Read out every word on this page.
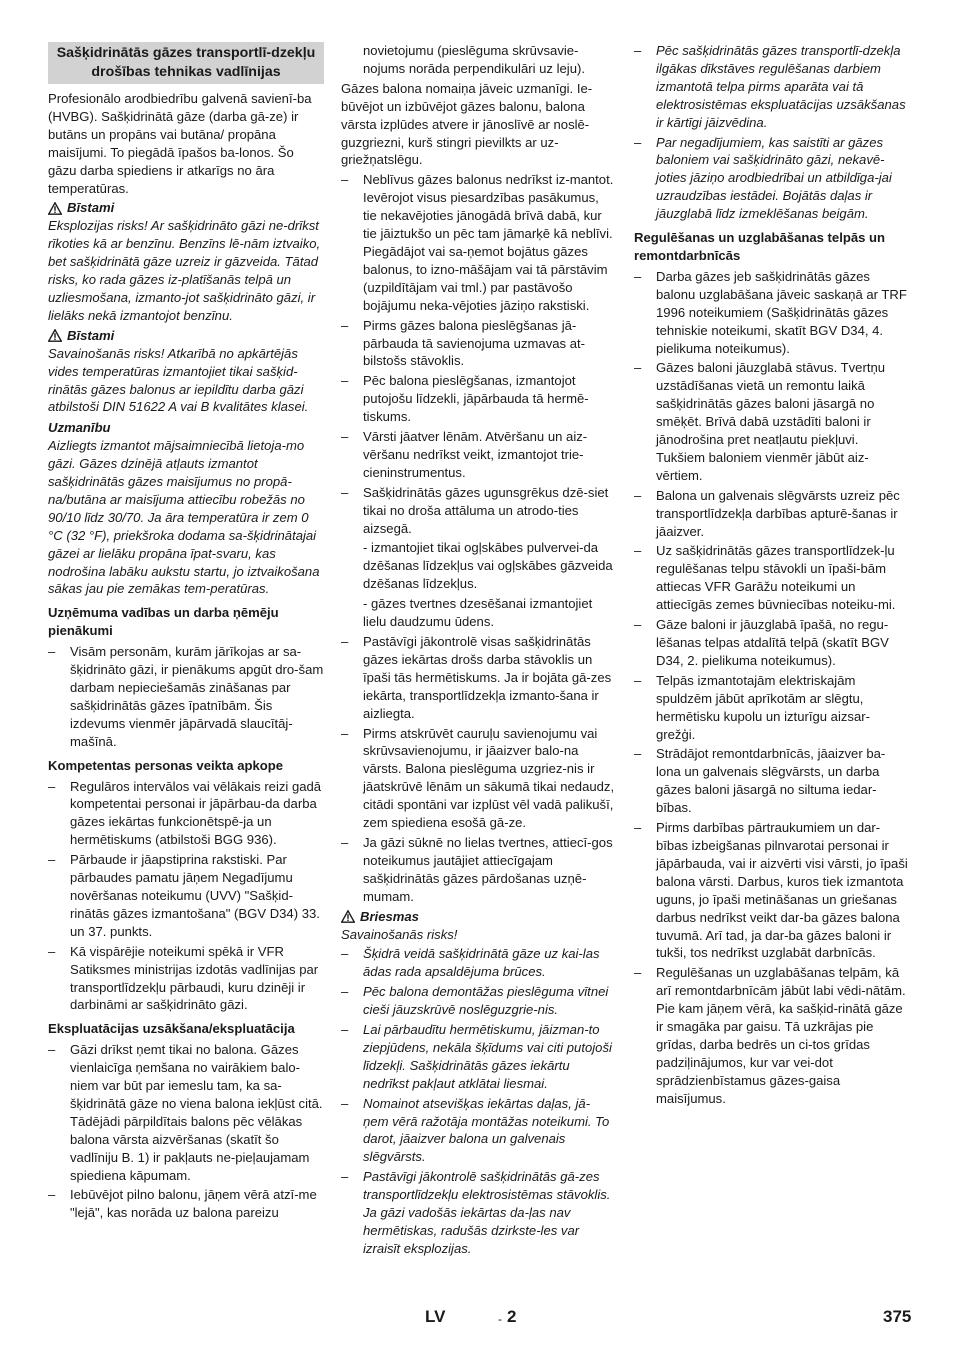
Sašķidrinātās gāzes transportlī-dzekļu drošības tehnikas vadlīnijas

Profesionālo arodbiedrību galvenā savienī-ba (HVBG). Sašķidrinātā gāze (darba gā-ze) ir butāns un propāns vai butāna/ propāna maisījumi. To piegādā īpašos ba-lonos. Šo gāzu darba spiediens ir atkarīgs no āra temperatūras.

Bīstami

Eksplozijas risks! Ar sašķidrināto gāzi ne-drīkst rīkoties kā ar benzīnu. Benzīns lē-nām iztvaiko, bet sašķidrinātā gāze uzreiz ir gāzveida. Tātad risks, ko rada gāzes iz-platīšanās telpā un uzliesmošana, izmanto-jot sašķidrināto gāzi, ir lielāks nekā izmantojot benzīnu.

Bīstami

Savainošanās risks! Atkarībā no apkārtējās vides temperatūras izmantojiet tikai sašķid-rinātās gāzes balonus ar iepildītu darba gāzi atbilstoši DIN 51622 A vai B kvalitātes klasei.

Uzmanību

Aizliegts izmantot mājsaimniecībā lietoja-mo gāzi. Gāzes dzinējā atļauts izmantot sašķidrinātās gāzes maisījumus no propā-na/butāna ar maisījuma attiecību robežās no 90/10 līdz 30/70. Ja āra temperatūra ir zem 0 °C (32 °F), priekšroka dodama sa-šķidrinātajai gāzei ar lielāku propāna īpat-svaru, kas nodrošina labāku aukstu startu, jo iztvaikošana sākas jau pie zemākas tem-peratūras.

Uzņēmuma vadības un darba ņēmēju pienākumi
– Visām personām, kurām jārīkojas ar sa-šķidrināto gāzi, ir pienākums apgūt dro-šam darbam nepieciešamās zināšanas par sašķidrinātās gāzes īpatnībām. Šis izdevums vienmēr jāpārvadā slaucītāj-mašīnā.
Kompetentas personas veikta apkope
– Regulāros intervālos vai vēlākais reizi gadā kompetentai personai ir jāpārbau-da darba gāzes iekārtas funkcionētspē-ja un hermētiskums (atbilstoši BGG 936).
– Pārbaude ir jāapstiprina rakstiski. Par pārbaudes pamatu jāņem Negadījumu novēršanas noteikumu (UVV) "Sašķid-rinātās gāzes izmantošana" (BGV D34) 33. un 37. punkts.
– Kā vispārējie noteikumi spēkā ir VFR Satiksmes ministrijas izdotās vadlīnijas par transportlīdzekļu pārbaudi, kuru dzinēji ir darbināmi ar sašķidrināto gāzi.
Ekspluatācijas uzsākšana/ekspluatācija
– Gāzi drīkst ņemt tikai no balona. Gāzes vienlaicīga ņemšana no vairākiem balo-niem var būt par iemeslu tam, ka sa-šķidrinātā gāze no viena balona iekļūst citā. Tādējādi pārpildītais balons pēc vēlākas balona vārsta aizvēršanas (skatīt šo vadlīniju B. 1) ir pakļauts ne-pieļaujamam spiediena kāpumam.
– Iebūvējot pilno balonu, jāņem vērā atzī-me "lejā", kas norāda uz balona pareizu

novietojumu (pieslēguma skrūvsavie-nojums norāda perpendikulāri uz leju).

Gāzes balona nomaiņa jāveic uzmanīgi. Ie-būvējot un izbūvējot gāzes balonu, balona vārsta izplūdes atvere ir jānoslīvē ar noslē-guzgriezni, kurš stingri pievilkts ar uz-griežņatslēgu.

– Neblīvus gāzes balonus nedrīkst iz-mantot. Ievērojot visus piesardzības pasākumus, tie nekavējoties jānogādā brīvā dabā, kur tie jāiztukšo un pēc tam jāmarķē kā neblīvi. Piegādājot vai sa-ņemot bojātus gāzes balonus, to izno-māšājam vai tā pārstāvim (uzpildītājam vai tml.) par pastāvošo bojājumu neka-vējoties jāziņo rakstiski.
– Pirms gāzes balona pieslēgšanas jā-pārbauda tā savienojuma uzmavas at-bilstošs stāvoklis.
– Pēc balona pieslēgšanas, izmantojot putojošu līdzekli, jāpārbauda tā hermē-tiskums.
– Vārsti jāatver lēnām. Atvēršanu un aiz-vēršanu nedrīkst veikt, izmantojot trie-cieninstrumentus.
– Sašķidrinātās gāzes ugunsgrēkus dzē-siet tikai no droša attāluma un atrodo-ties aizsegā.

- izmantojiet tikai ogļskābes pulvervei-da dzēšanas līdzekļus vai ogļskābes gāzveida dzēšanas līdzekļus.

- gāzes tvertnes dzesēšanai izmantojiet lielu daudzumu ūdens.

– Pastāvīgi jākontrolē visas sašķidrinātās gāzes iekārtas drošs darba stāvoklis un īpaši tās hermētiskums. Ja ir bojāta gā-zes iekārta, transportlīdzekļa izmanto-šana ir aizliegta.
– Pirms atskrūvēt cauruļu savienojumu vai skrūvsavienojumu, ir jāaizver balo-na vārsts. Balona pieslēguma uzgriez-nis ir jāatskrūvē lēnām un sākumā tikai nedaudz, citādi spontāni var izplūst vēl vadā palikušī, zem spiediena esošā gā-ze.
– Ja gāzi sūknē no lielas tvertnes, attiecī-gos noteikumus jautājiet attiecīgajam sašķidrinātās gāzes pārdošanas uzņē-mumam.
Briesmas

Savainošanās risks!

– Šķidrā veidā sašķidrinātā gāze uz kai-las ādas rada apsaldējuma brūces.
– Pēc balona demontāžas pieslēguma vītnei cieši jāuzskrūvē noslēguzgrie-nis.
– Lai pārbaudītu hermētiskumu, jāizman-to ziepjūdens, nekāla šķīdums vai citi putojoši līdzekļi. Sašķidrinātās gāzes iekārtu nedrīkst pakļaut atklātai liesmai.
– Nomainot atsevišķas iekārtas daļas, jā-ņem vērā ražotāja montāžas noteikumi. To darot, jāaizver balona un galvenais slēgvārsts.
– Pastāvīgi jākontrolē sašķidrinātās gā-zes transportlīdzekļu elektrosistēmas stāvoklis. Ja gāzi vadošās iekārtas da-ļas nav hermētiskas, radušās dzirkste-les var izraisīt eksplozijas.
– Pēc sašķidrinātās gāzes transportlī-dzekļa ilgākas dīkstāves regulēšanas darbiem izmantotā telpa pirms aparāta vai tā elektrosistēmas ekspluatācijas uzsākšanas ir kārtīgi jāizvēdina.
– Par negadījumiem, kas saistīti ar gāzes baloniem vai sašķidrināto gāzi, nekavē-joties jāziņo arodbiedrībai un atbildīga-jai uzraudzības iestādei. Bojātās daļas ir jāuzglabā līdz izmeklēšanas beigām.
Regulēšanas un uzglabāšanas telpās un remontdarbnīcās
– Darba gāzes jeb sašķidrinātās gāzes balonu uzglabāšana jāveic saskaņā ar TRF 1996 noteikumiem (Sašķidrinātās gāzes tehniskie noteikumi, skatīt BGV D34, 4. pielikuma noteikumus).
– Gāzes baloni jāuzglabā stāvus. Tvertņu uzstādīšanas vietā un remontu laikā sašķidrinātās gāzes baloni jāsargā no smēķēt. Brīvā dabā uzstādīti baloni ir jānodrošina pret neatļautu piekļuvi. Tukšiem baloniem vienmēr jābūt aiz-vērtiem.
– Balona un galvenais slēgvārsts uzreiz pēc transportlīdzekļa darbības apturē-šanas ir jāaizver.
– Uz sašķidrinātās gāzes transportlīdzek-ļu regulēšanas telpu stāvokli un īpaši-bām attiecas VFR Garāžu noteikumi un attiecīgās zemes būvniecības noteiku-mi.
– Gāze baloni ir jāuzglabā īpašā, no regu-lēšanas telpas atdalītā telpā (skatīt BGV D34, 2. pielikuma noteikumus).
– Telpās izmantotajām elektriskajām spuldzēm jābūt aprīkotām ar slēgtu, hermētisku kupolu un izturīgu aizsar-grežģi.
– Strādājot remontdarbnīcās, jāaizver ba-lona un galvenais slēgvārsts, un darba gāzes baloni jāsargā no siltuma iedar-bības.
– Pirms darbības pārtraukumiem un dar-bības izbeigšanas pilnvarotai personai ir jāpārbauda, vai ir aizvērti visi vārsti, jo īpaši balona vārsti. Darbus, kuros tiek izmantota uguns, jo īpaši metināšanas un griešanas darbus nedrīkst veikt dar-ba gāzes balona tuvumā. Arī tad, ja dar-ba gāzes baloni ir tukši, tos nedrīkst uzglabāt darbnīcās.
– Regulēšanas un uzglabāšanas telpām, kā arī remontdarbnīcām jābūt labi vēdi-nātām. Pie kam jāņem vērā, ka sašķid-rinātā gāze ir smagāka par gaisu. Tā uzkrājas pie grīdas, darba bedrēs un ci-tos grīdas padziļinājumos, kur var vei-dot sprādzienbīstamus gāzes-gaisa maisījumus.
LV	- 2	375
